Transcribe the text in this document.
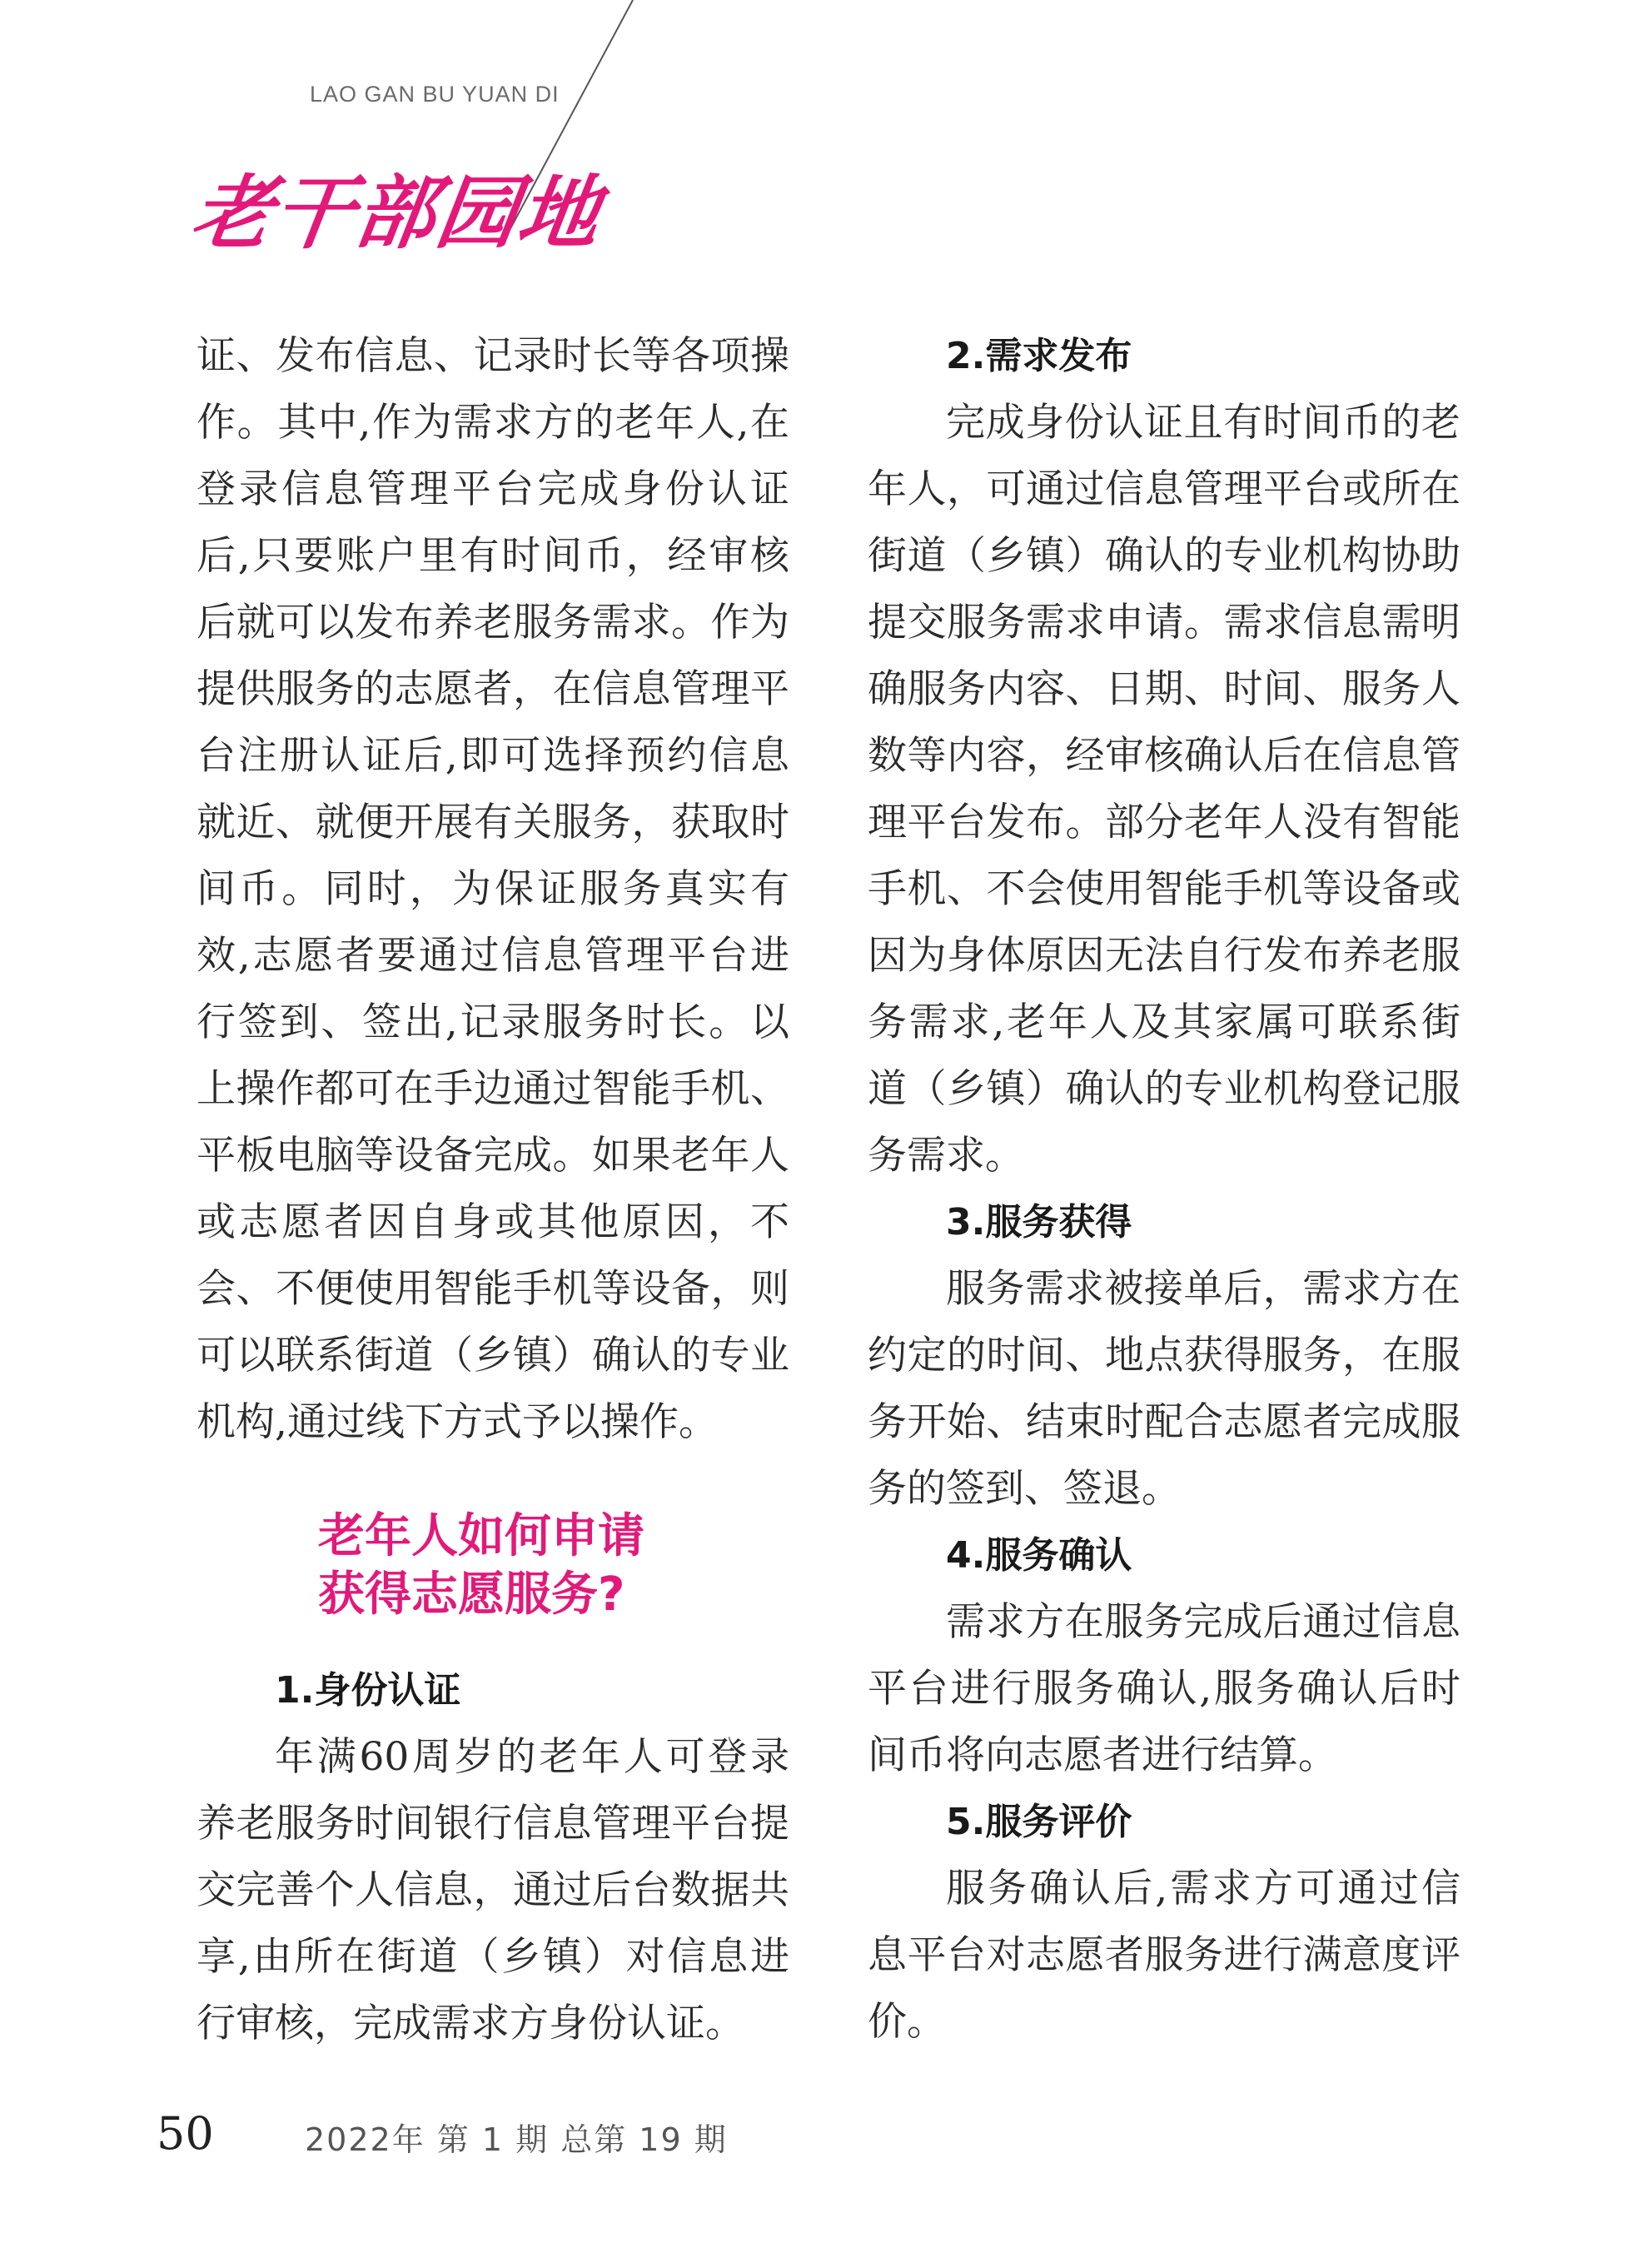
LAO GAN BU YUAN DI
老干部园地

证、发布信息、记录时长等各项操作。其中,作为需求方的老年人,在登录信息管理平台完成身份认证后,只要账户里有时间币，经审核后就可以发布养老服务需求。作为提供服务的志愿者，在信息管理平台注册认证后,即可选择预约信息就近、就便开展有关服务，获取时间币。同时，为保证服务真实有效,志愿者要通过信息管理平台进行签到、签出,记录服务时长。以上操作都可在手边通过智能手机、平板电脑等设备完成。如果老年人或志愿者因自身或其他原因，不会、不便使用智能手机等设备，则可以联系街道（乡镇）确认的专业机构,通过线下方式予以操作。

老年人如何申请
获得志愿服务?
1.身份认证

年满60周岁的老年人可登录养老服务时间银行信息管理平台提交完善个人信息，通过后台数据共享,由所在街道（乡镇）对信息进行审核，完成需求方身份认证。

2.需求发布

完成身份认证且有时间币的老年人，可通过信息管理平台或所在街道（乡镇）确认的专业机构协助提交服务需求申请。需求信息需明确服务内容、日期、时间、服务人数等内容，经审核确认后在信息管理平台发布。部分老年人没有智能手机、不会使用智能手机等设备或因为身体原因无法自行发布养老服务需求,老年人及其家属可联系街道（乡镇）确认的专业机构登记服务需求。

3.服务获得

服务需求被接单后，需求方在约定的时间、地点获得服务，在服务开始、结束时配合志愿者完成服务的签到、签退。

4.服务确认

需求方在服务完成后通过信息平台进行服务确认,服务确认后时间币将向志愿者进行结算。

5.服务评价

服务确认后,需求方可通过信息平台对志愿者服务进行满意度评价。

50	2022年 第 1 期 总第 19 期
